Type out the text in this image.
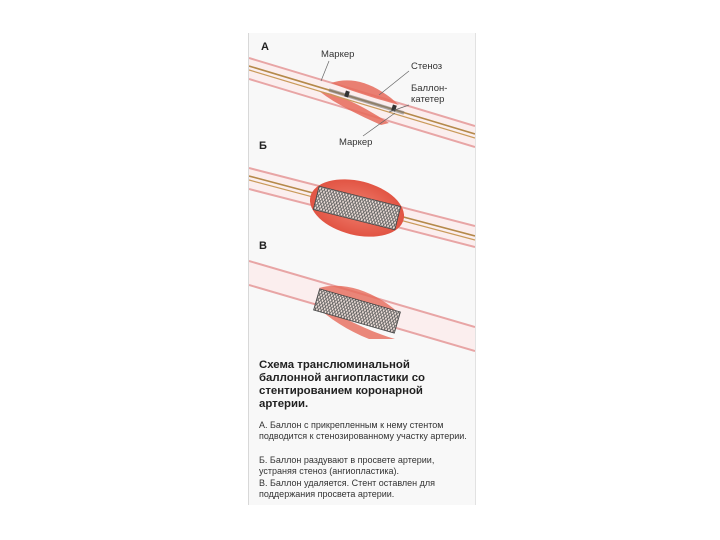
А
Б
В
Маркер
Стеноз
Баллон-
катетер
Маркер
Схема транслюминальной баллонной ангиопластики со стентированием коронарной артерии.
А. Баллон с прикрепленным к нему стентом подводится к стенозированному участку артерии.
Б. Баллон раздувают в просвете артерии, устраняя стеноз (ангиопластика).
В. Баллон удаляется. Стент оставлен для поддержания просвета артерии.
